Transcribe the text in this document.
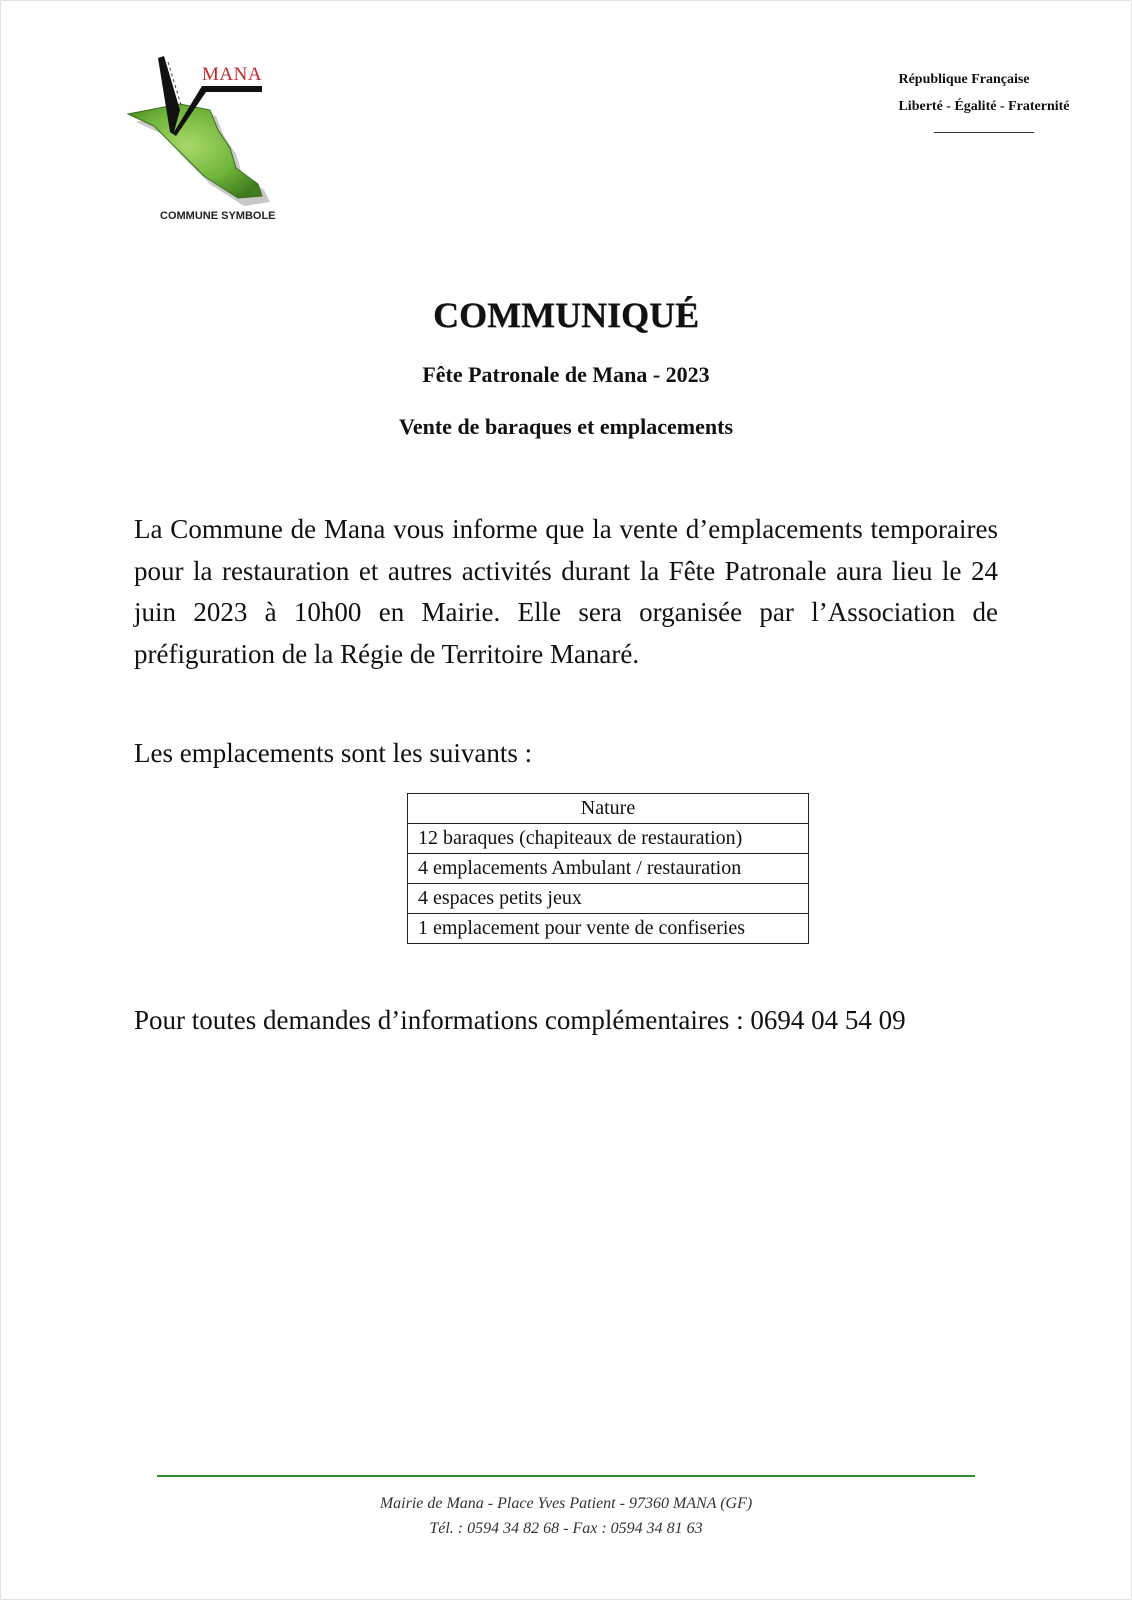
MANA
COMMUNE SYMBOLE
République Française
Liberté - Égalité - Fraternité
COMMUNIQUÉ
Fête Patronale de Mana - 2023
Vente de baraques et emplacements
La Commune de Mana vous informe que la vente d’emplacements temporaires pour la restauration et autres activités durant la Fête Patronale aura lieu le 24 juin 2023 à 10h00 en Mairie. Elle sera organisée par l’Association de préfiguration de la Régie de Territoire Manaré.
Les emplacements sont les suivants :
Nature
12 baraques (chapiteaux de restauration)
4 emplacements Ambulant / restauration
4 espaces petits jeux
1 emplacement pour vente de confiseries
Pour toutes demandes d’informations complémentaires : 0694 04 54 09
Mairie de Mana - Place Yves Patient - 97360 MANA (GF)
Tél. : 0594 34 82 68 - Fax : 0594 34 81 63
